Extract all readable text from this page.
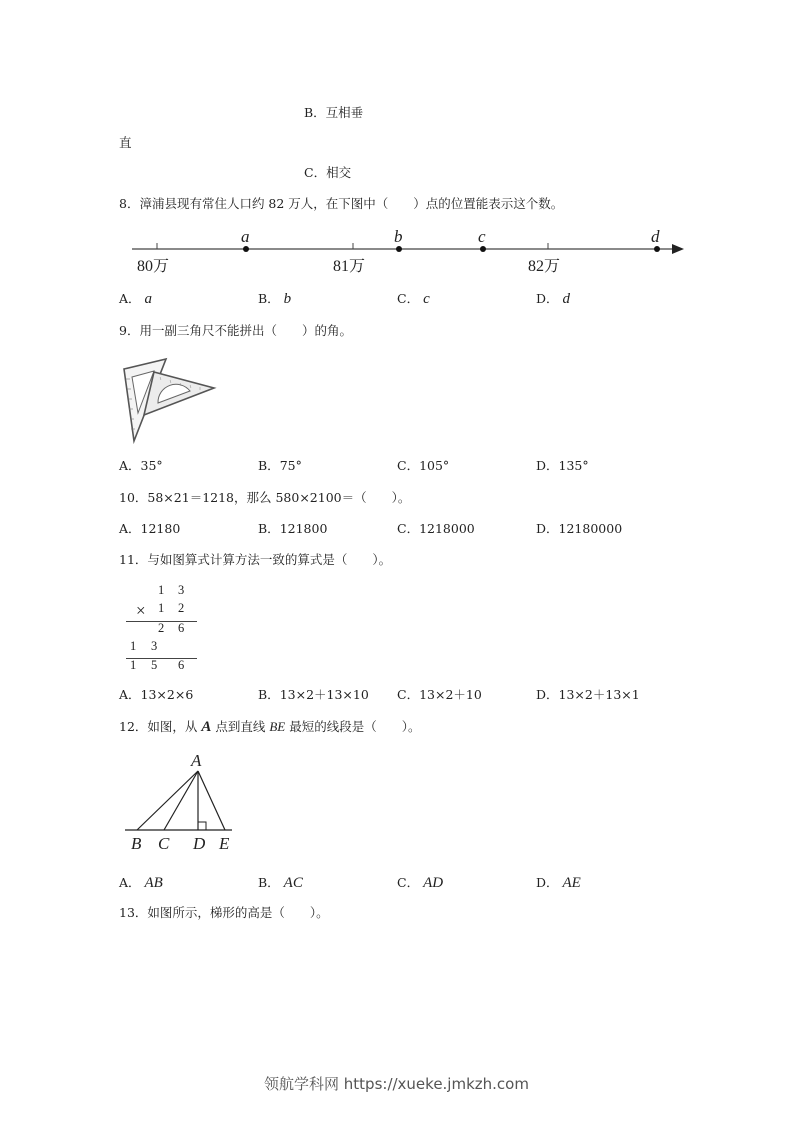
B．互相垂
直
C．相交
8．漳浦县现有常住人口约 82 万人，在下图中（　　）点的位置能表示这个数。
80万	81万	82万
a	b	c	d
A． a	B． b	C． c	D． d
9．用一副三角尺不能拼出（　　）的角。
A．35°	B．75°	C．105°	D．135°
10．58×21＝1218，那么 580×2100＝（　　）。
A．12180	B．121800	C．1218000	D．12180000
11．与如图算式计算方法一致的算式是（　　）。
1 3
× 1 2
2 6
1 3
1 5 6
A．13×2×6	B．13×2＋13×10 C．13×2＋10	D．13×2＋13×1
12．如图，从 A 点到直线 BE 最短的线段是（　　）。
A
B C D E
A． AB	B． AC	C． AD	D． AE
13．如图所示，梯形的高是（　　）。
领航学科网 https://xueke.jmkzh.com
